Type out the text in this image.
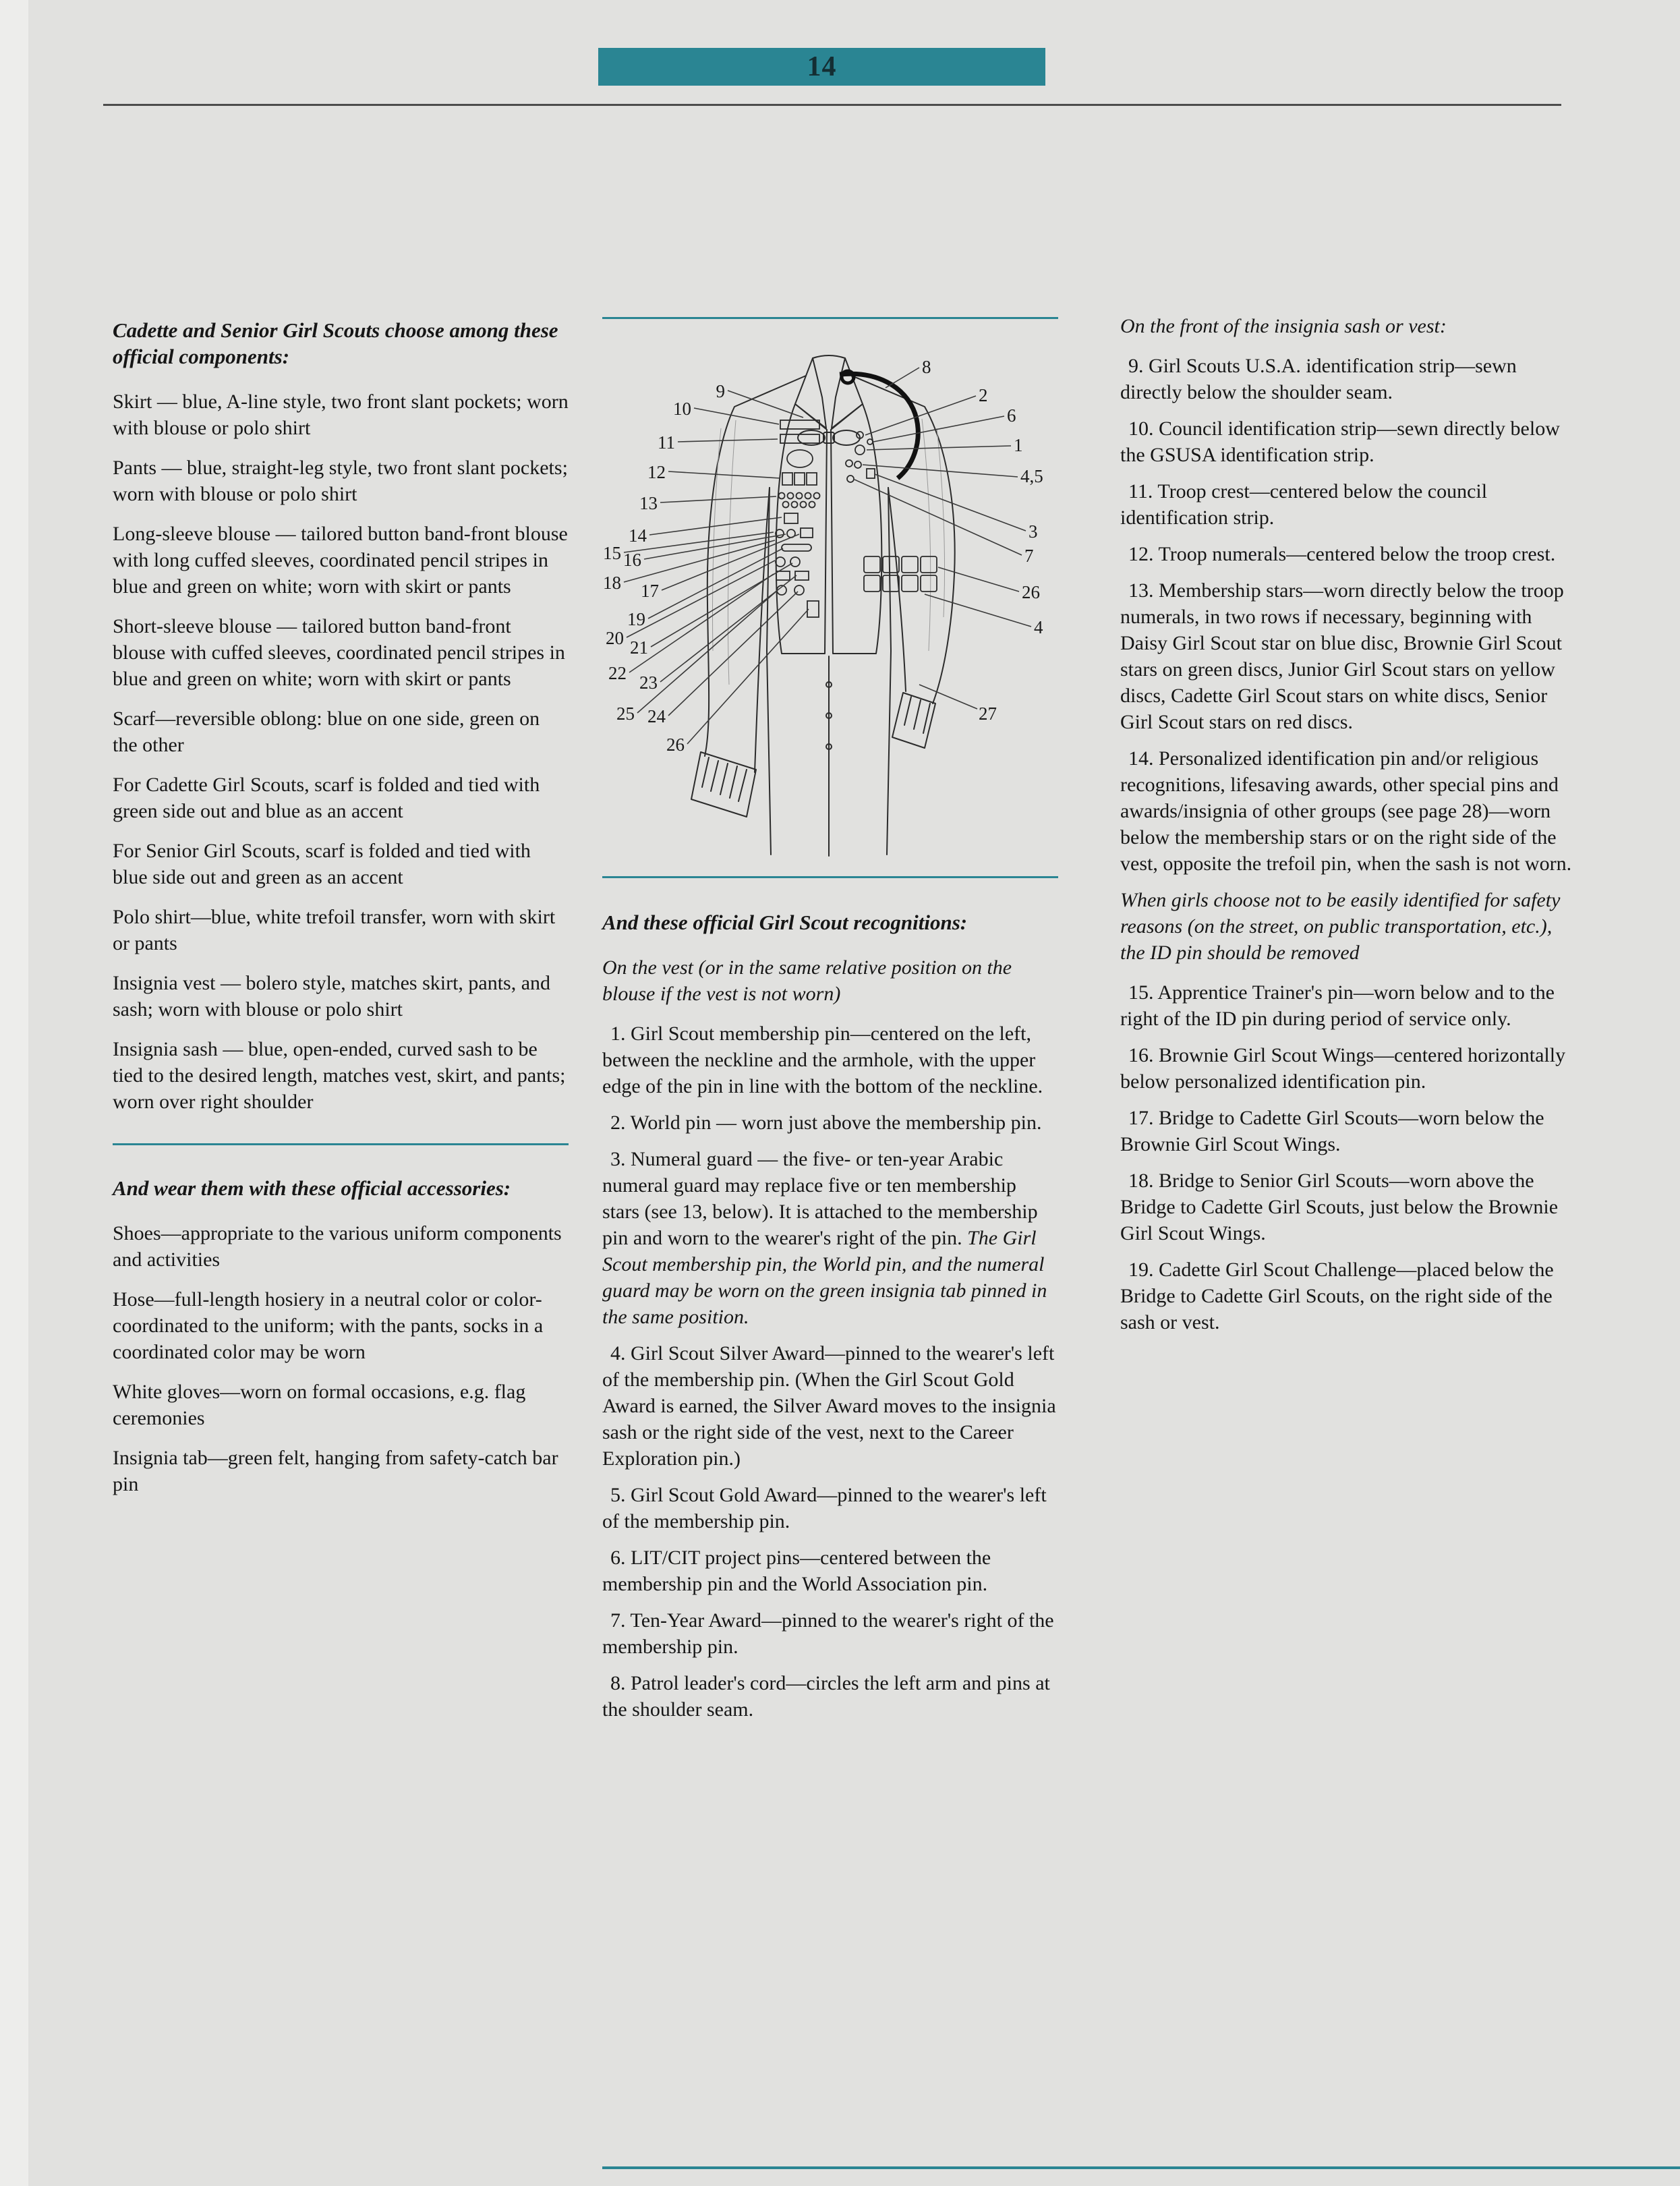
14
Cadette and Senior Girl Scouts choose among these official components:

Skirt — blue, A-line style, two front slant pockets; worn with blouse or polo shirt

Pants — blue, straight-leg style, two front slant pockets; worn with blouse or polo shirt

Long-sleeve blouse — tailored button band-front blouse with long cuffed sleeves, coordinated pencil stripes in blue and green on white; worn with skirt or pants

Short-sleeve blouse — tailored button band-front blouse with cuffed sleeves, coordinated pencil stripes in blue and green on white; worn with skirt or pants

Scarf—reversible oblong: blue on one side, green on the other

For Cadette Girl Scouts, scarf is folded and tied with green side out and blue as an accent

For Senior Girl Scouts, scarf is folded and tied with blue side out and green as an accent

Polo shirt—blue, white trefoil transfer, worn with skirt or pants

Insignia vest — bolero style, matches skirt, pants, and sash; worn with blouse or polo shirt

Insignia sash — blue, open-ended, curved sash to be tied to the desired length, matches vest, skirt, and pants; worn over right shoulder

And wear them with these official accessories:

Shoes—appropriate to the various uniform components and activities

Hose—full-length hosiery in a neutral color or color-coordinated to the uniform; with the pants, socks in a coordinated color may be worn

White gloves—worn on formal occasions, e.g. flag ceremonies

Insignia tab—green felt, hanging from safety-catch bar pin

9
10
11
12
13
14
15 16
18 17
19
20 21
22 23
25 24
26
8
2
6
1
4,5
3
7
26
4
27
And these official Girl Scout recognitions:

On the vest (or in the same relative position on the blouse if the vest is not worn)

1. Girl Scout membership pin—centered on the left, between the neckline and the armhole, with the upper edge of the pin in line with the bottom of the neckline.

2. World pin — worn just above the membership pin.

3. Numeral guard — the five- or ten-year Arabic numeral guard may replace five or ten membership stars (see 13, below). It is attached to the membership pin and worn to the wearer's right of the pin. The Girl Scout membership pin, the World pin, and the numeral guard may be worn on the green insignia tab pinned in the same position.

4. Girl Scout Silver Award—pinned to the wearer's left of the membership pin. (When the Girl Scout Gold Award is earned, the Silver Award moves to the insignia sash or the right side of the vest, next to the Career Exploration pin.)

5. Girl Scout Gold Award—pinned to the wearer's left of the membership pin.

6. LIT/CIT project pins—centered between the membership pin and the World Association pin.

7. Ten-Year Award—pinned to the wearer's right of the membership pin.

8. Patrol leader's cord—circles the left arm and pins at the shoulder seam.

On the front of the insignia sash or vest:

9. Girl Scouts U.S.A. identification strip—sewn directly below the shoulder seam.

10. Council identification strip—sewn directly below the GSUSA identification strip.

11. Troop crest—centered below the council identification strip.

12. Troop numerals—centered below the troop crest.

13. Membership stars—worn directly below the troop numerals, in two rows if necessary, beginning with Daisy Girl Scout star on blue disc, Brownie Girl Scout stars on green discs, Junior Girl Scout stars on yellow discs, Cadette Girl Scout stars on white discs, Senior Girl Scout stars on red discs.

14. Personalized identification pin and/or religious recognitions, lifesaving awards, other special pins and awards/insignia of other groups (see page 28)—worn below the membership stars or on the right side of the vest, opposite the trefoil pin, when the sash is not worn.

When girls choose not to be easily identified for safety reasons (on the street, on public transportation, etc.), the ID pin should be removed

15. Apprentice Trainer's pin—worn below and to the right of the ID pin during period of service only.

16. Brownie Girl Scout Wings—centered horizontally below personalized identification pin.

17. Bridge to Cadette Girl Scouts—worn below the Brownie Girl Scout Wings.

18. Bridge to Senior Girl Scouts—worn above the Bridge to Cadette Girl Scouts, just below the Brownie Girl Scout Wings.

19. Cadette Girl Scout Challenge—placed below the Bridge to Cadette Girl Scouts, on the right side of the sash or vest.
